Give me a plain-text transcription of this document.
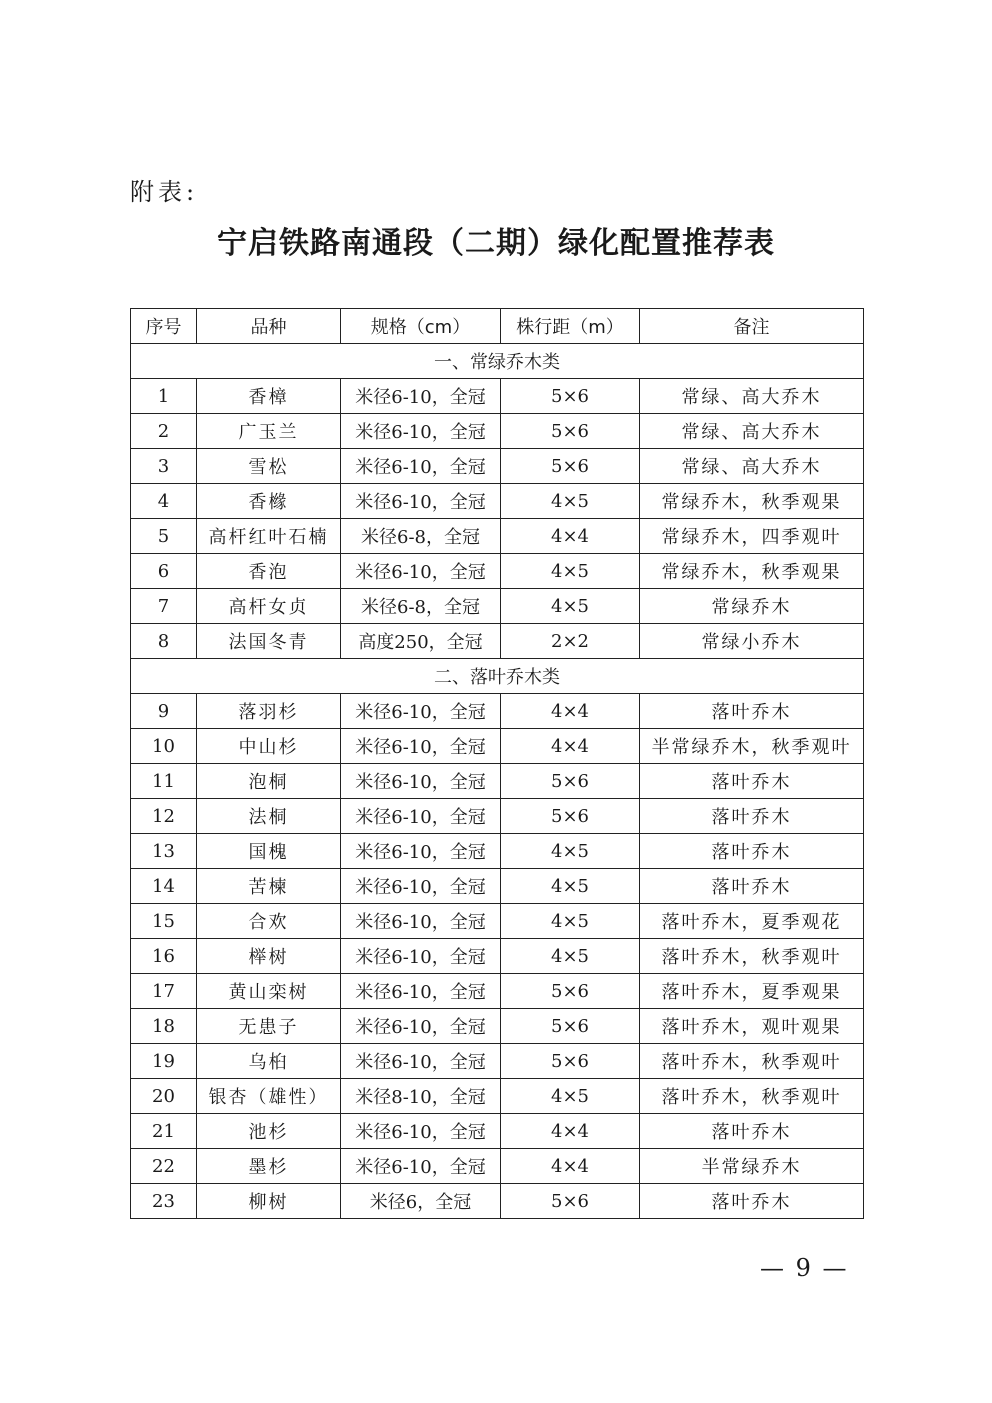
附表:
宁启铁路南通段（二期）绿化配置推荐表
序号	品种	规格（cm）	株行距（m）	备注
一、常绿乔木类				
1	香樟	米径6-10，全冠	5×6	常绿、高大乔木
2	广玉兰	米径6-10，全冠	5×6	常绿、高大乔木
3	雪松	米径6-10，全冠	5×6	常绿、高大乔木
4	香橼	米径6-10，全冠	4×5	常绿乔木，秋季观果
5	高杆红叶石楠	米径6-8，全冠	4×4	常绿乔木，四季观叶
6	香泡	米径6-10，全冠	4×5	常绿乔木，秋季观果
7	高杆女贞	米径6-8，全冠	4×5	常绿乔木
8	法国冬青	高度250，全冠	2×2	常绿小乔木
二、落叶乔木类				
9	落羽杉	米径6-10，全冠	4×4	落叶乔木
10	中山杉	米径6-10，全冠	4×4	半常绿乔木，秋季观叶
11	泡桐	米径6-10，全冠	5×6	落叶乔木
12	法桐	米径6-10，全冠	5×6	落叶乔木
13	国槐	米径6-10，全冠	4×5	落叶乔木
14	苦楝	米径6-10，全冠	4×5	落叶乔木
15	合欢	米径6-10，全冠	4×5	落叶乔木，夏季观花
16	榉树	米径6-10，全冠	4×5	落叶乔木，秋季观叶
17	黄山栾树	米径6-10，全冠	5×6	落叶乔木，夏季观果
18	无患子	米径6-10，全冠	5×6	落叶乔木，观叶观果
19	乌桕	米径6-10，全冠	5×6	落叶乔木，秋季观叶
20	银杏（雄性）	米径8-10，全冠	4×5	落叶乔木，秋季观叶
21	池杉	米径6-10，全冠	4×4	落叶乔木
22	墨杉	米径6-10，全冠	4×4	半常绿乔木
23	柳树	米径6，全冠	5×6	落叶乔木
— 9 —
